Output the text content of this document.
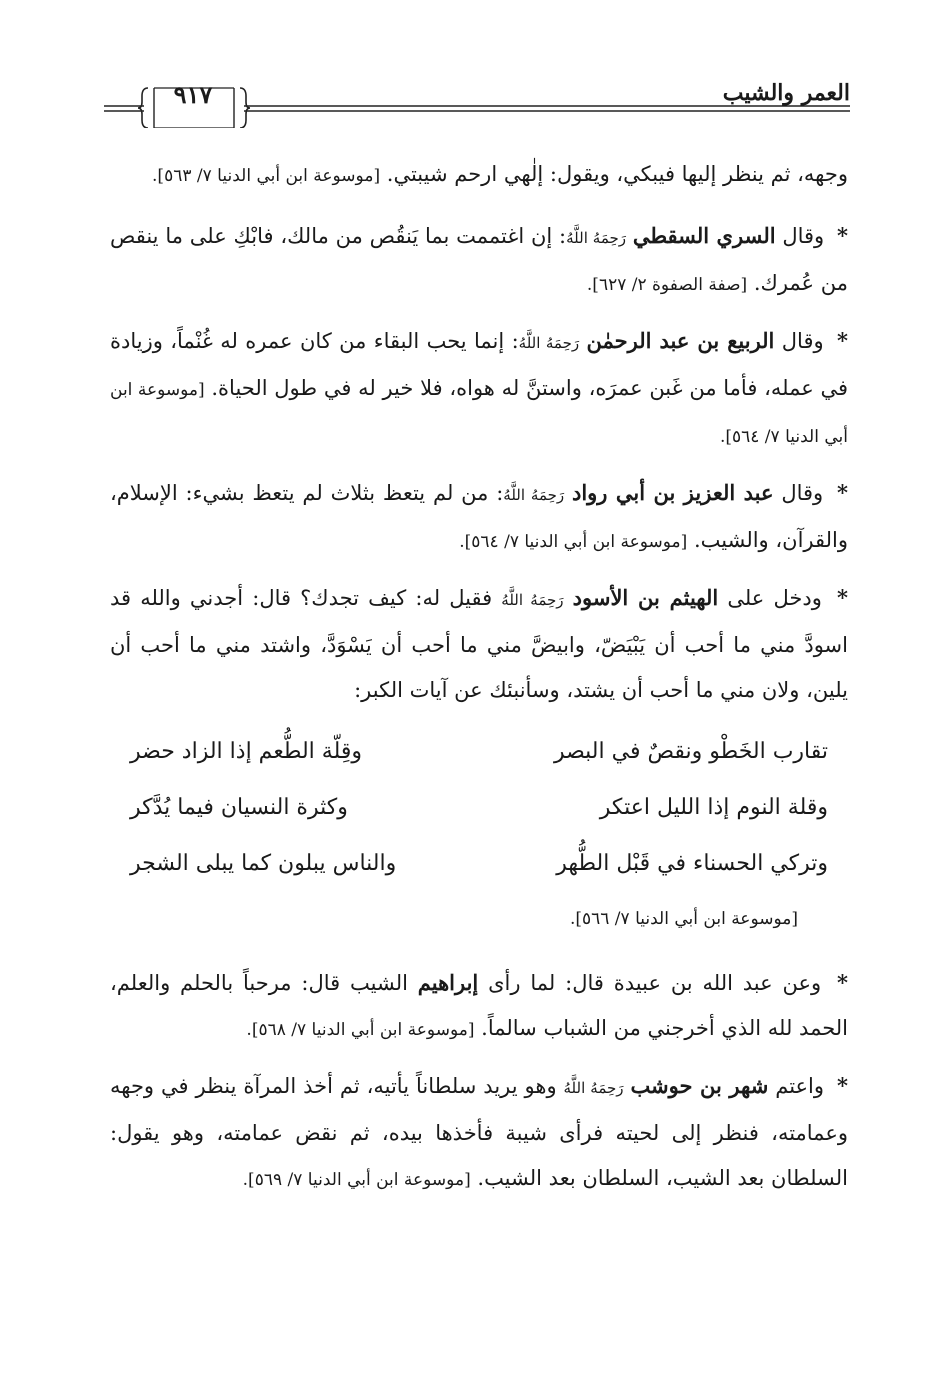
العمر والشيب
٩١٧

وجهه، ثم ينظر إليها فيبكي، ويقول: إلٰهي ارحم شيبتي. [موسوعة ابن أبي الدنيا ٧/ ٥٦٣].

* وقال السري السقطي رَحِمَهُ اللَّهُ: إن اغتممت بما يَنقُص من مالك، فابْكِ على ما ينقص من عُمرك. [صفة الصفوة ٢/ ٦٢٧].

* وقال الربيع بن عبد الرحمٰن رَحِمَهُ اللَّهُ: إنما يحب البقاء من كان عمره له غُنْماً، وزيادة في عمله، فأما من غَبن عمرَه، واستنَّ له هواه، فلا خير له في طول الحياة. [موسوعة ابن أبي الدنيا ٧/ ٥٦٤].

* وقال عبد العزيز بن أبي رواد رَحِمَهُ اللَّهُ: من لم يتعظ بثلاث لم يتعظ بشيء: الإسلام، والقرآن، والشيب. [موسوعة ابن أبي الدنيا ٧/ ٥٦٤].

* ودخل على الهيثم بن الأسود رَحِمَهُ اللَّهُ فقيل له: كيف تجدك؟ قال: أجدني والله قد اسودَّ مني ما أحب أن يَبْيَضّ، وابيضَّ مني ما أحب أن يَسْوَدَّ، واشتد مني ما أحب أن يلين، ولان مني ما أحب أن يشتد، وسأنبئك عن آيات الكبر:

تقارب الخَطْو ونقصٌ في البصر
وقِلّة الطُّعم إذا الزاد حضر
وقلة النوم إذا الليل اعتكر
وكثرة النسيان فيما يُدَّكر
وتركي الحسناء في قَبْل الطُّهر
والناس يبلون كما يبلى الشجر
[موسوعة ابن أبي الدنيا ٧/ ٥٦٦].

* وعن عبد الله بن عبيدة قال: لما رأى إبراهيم الشيب قال: مرحباً بالحلم والعلم، الحمد لله الذي أخرجني من الشباب سالماً. [موسوعة ابن أبي الدنيا ٧/ ٥٦٨].

* واعتم شهر بن حوشب رَحِمَهُ اللَّهُ وهو يريد سلطاناً يأتيه، ثم أخذ المرآة ينظر في وجهه وعمامته، فنظر إلى لحيته فرأى شيبة فأخذها بيده، ثم نقض عمامته، وهو يقول: السلطان بعد الشيب، السلطان بعد الشيب. [موسوعة ابن أبي الدنيا ٧/ ٥٦٩].
